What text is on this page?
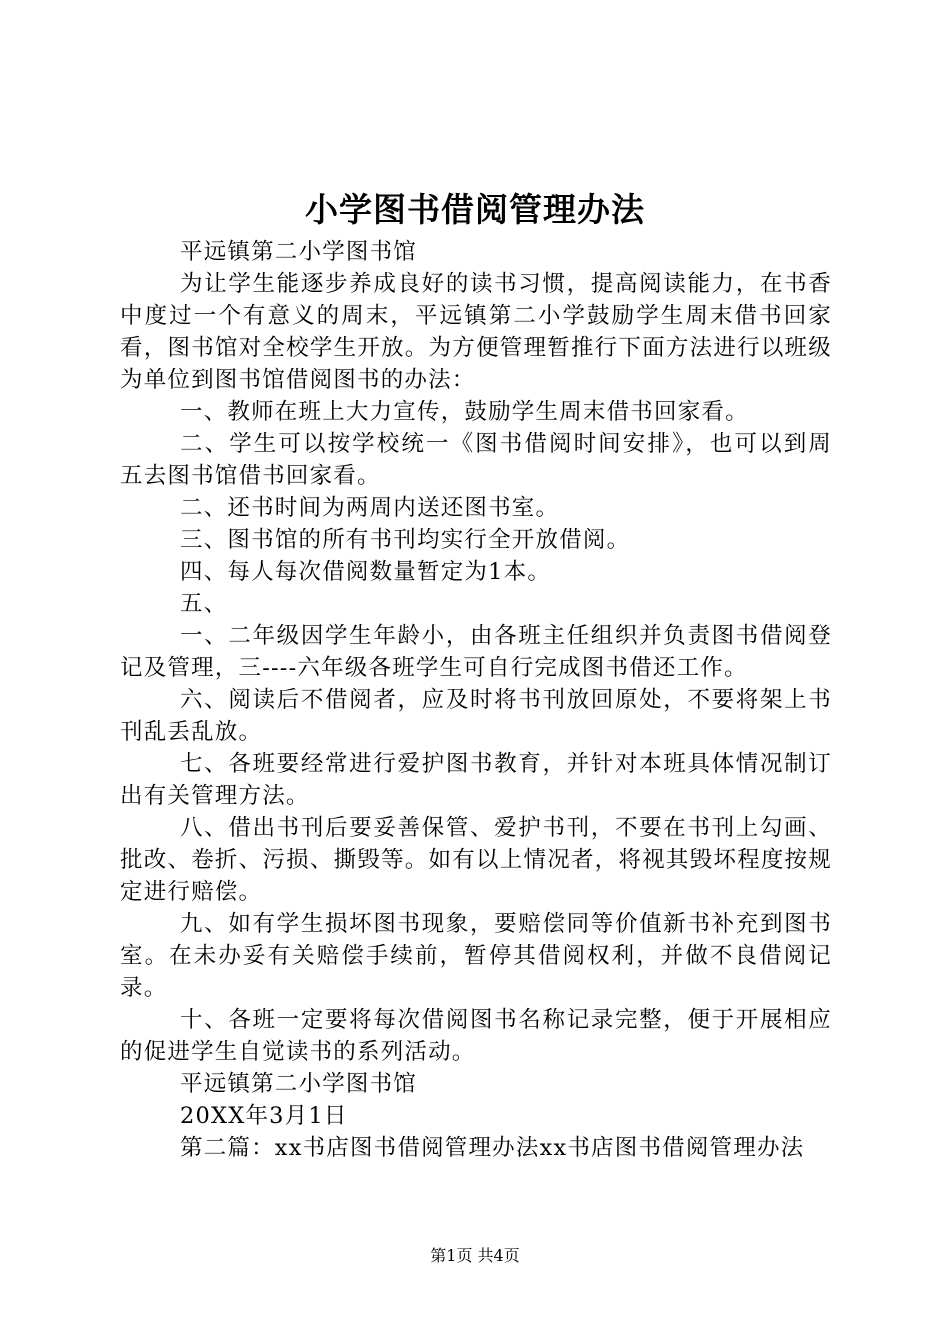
小学图书借阅管理办法

平远镇第二小学图书馆

为让学生能逐步养成良好的读书习惯，提高阅读能力，在书香中度过一个有意义的周末，平远镇第二小学鼓励学生周末借书回家看，图书馆对全校学生开放。为方便管理暂推行下面方法进行以班级为单位到图书馆借阅图书的办法：

一、教师在班上大力宣传，鼓励学生周末借书回家看。

二、学生可以按学校统一《图书借阅时间安排》，也可以到周五去图书馆借书回家看。

二、还书时间为两周内送还图书室。

三、图书馆的所有书刊均实行全开放借阅。

四、每人每次借阅数量暂定为1本。

五、

一、二年级因学生年龄小，由各班主任组织并负责图书借阅登记及管理，三----六年级各班学生可自行完成图书借还工作。

六、阅读后不借阅者，应及时将书刊放回原处，不要将架上书刊乱丢乱放。

七、各班要经常进行爱护图书教育，并针对本班具体情况制订出有关管理方法。

八、借出书刊后要妥善保管、爱护书刊，不要在书刊上勾画、批改、卷折、污损、撕毁等。如有以上情况者，将视其毁坏程度按规定进行赔偿。

九、如有学生损坏图书现象，要赔偿同等价值新书补充到图书室。在未办妥有关赔偿手续前，暂停其借阅权利，并做不良借阅记录。

十、各班一定要将每次借阅图书名称记录完整，便于开展相应的促进学生自觉读书的系列活动。

平远镇第二小学图书馆

20XX年3月1日

第二篇：xx书店图书借阅管理办法xx书店图书借阅管理办法

第1页 共4页
